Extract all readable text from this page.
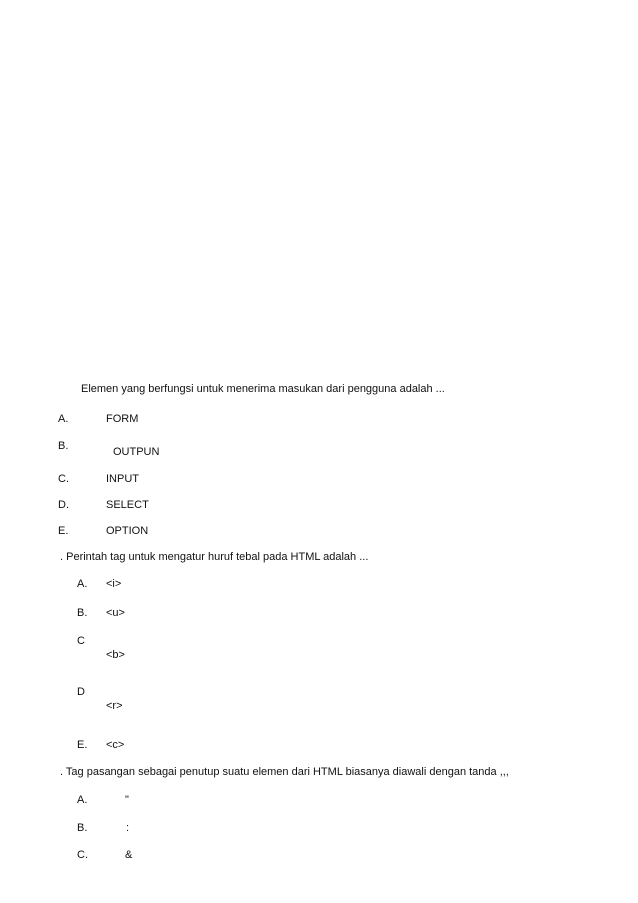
Elemen yang berfungsi untuk menerima masukan dari pengguna adalah ...
A.	FORM
B.	OUTPUN
C.	INPUT
D.	SELECT
E.	OPTION
. Perintah tag untuk mengatur huruf tebal pada HTML adalah ...
A. <i>
B. <u>
C
<b>
D
<r>
E. <c>
. Tag pasangan sebagai penutup suatu elemen dari HTML biasanya diawali dengan tanda ,,,
A.	"
B.	:
C.	&
